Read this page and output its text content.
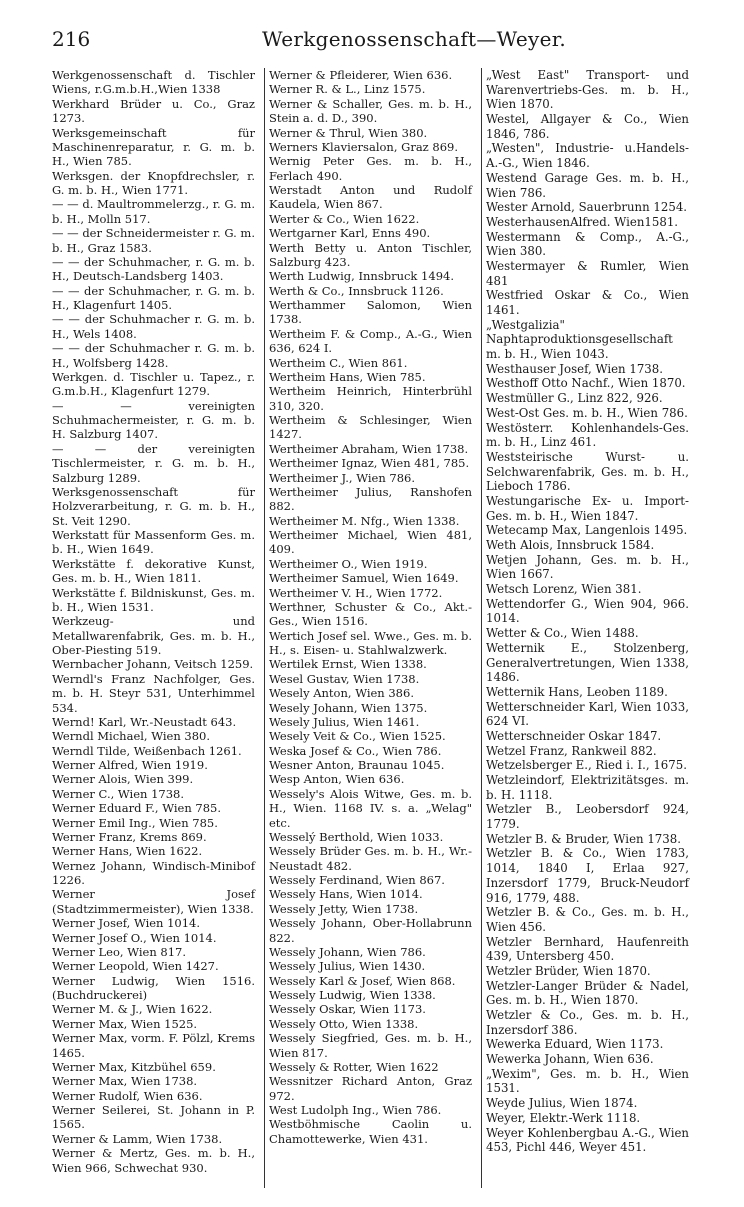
216	Werkgenossenschaft—Weyer.

Werkgenossenschaft d. Tischler Wiens, r.G.m.b.H.,Wien 1338

Werkhard Brüder u. Co., Graz 1273.

Werksgemeinschaft für Maschinenreparatur, r. G. m. b. H., Wien 785.

Werksgen. der Knopfdrechsler, r. G. m. b. H., Wien 1771.

— — d. Maultrommelerzg., r. G. m. b. H., Molln 517.

— — der Schneidermeister r. G. m. b. H., Graz 1583.

— — der Schuhmacher, r. G. m. b. H., Deutsch-Landsberg 1403.

— — der Schuhmacher, r. G. m. b. H., Klagenfurt 1405.

— — der Schuhmacher r. G. m. b. H., Wels 1408.

— — der Schuhmacher r. G. m. b. H., Wolfsberg 1428.

Werkgen. d. Tischler u. Tapez., r. G.m.b.H., Klagenfurt 1279.

— — vereinigten Schuhmachermeister, r. G. m. b. H. Salzburg 1407.

— — der vereinigten Tischlermeister, r. G. m. b. H., Salzburg 1289.

Werksgenossenschaft für Holzverarbeitung, r. G. m. b. H., St. Veit 1290.

Werkstatt für Massenform Ges. m. b. H., Wien 1649.

Werkstätte f. dekorative Kunst, Ges. m. b. H., Wien 1811.

Werkstätte f. Bildniskunst, Ges. m. b. H., Wien 1531.

Werkzeug- und Metallwarenfabrik, Ges. m. b. H., Ober-Piesting 519.

Wernbacher Johann, Veitsch 1259.

Werndl's Franz Nachfolger, Ges. m. b. H. Steyr 531, Unterhimmel 534.

Wernd! Karl, Wr.-Neustadt 643.

Werndl Michael, Wien 380.

Werndl Tilde, Weißenbach 1261.

Werner Alfred, Wien 1919.

Werner Alois, Wien 399.

Werner C., Wien 1738.

Werner Eduard F., Wien 785.

Werner Emil Ing., Wien 785.

Werner Franz, Krems 869.

Werner Hans, Wien 1622.

Wernez Johann, Windisch-Minibof 1226.

Werner Josef (Stadtzimmermeister), Wien 1338.

Werner Josef, Wien 1014.

Werner Josef O., Wien 1014.

Werner Leo, Wien 817.

Werner Leopold, Wien 1427.

Werner Ludwig, Wien 1516. (Buchdruckerei)

Werner M. & J., Wien 1622.

Werner Max, Wien 1525.

Werner Max, vorm. F. Pölzl, Krems 1465.

Werner Max, Kitzbühel 659.

Werner Max, Wien 1738.

Werner Rudolf, Wien 636.

Werner Seilerei, St. Johann in P. 1565.

Werner & Lamm, Wien 1738.

Werner & Mertz, Ges. m. b. H., Wien 966, Schwechat 930.

Werner & Pfleiderer, Wien 636.

Werner R. & L., Linz 1575.

Werner & Schaller, Ges. m. b. H., Stein a. d. D., 390.

Werner & Thrul, Wien 380.

Werners Klaviersalon, Graz 869.

Wernig Peter Ges. m. b. H., Ferlach 490.

Werstadt Anton und Rudolf Kaudela, Wien 867.

Werter & Co., Wien 1622.

Wertgarner Karl, Enns 490.

Werth Betty u. Anton Tischler, Salzburg 423.

Werth Ludwig, Innsbruck 1494.

Werth & Co., Innsbruck 1126.

Werthammer Salomon, Wien 1738.

Wertheim F. & Comp., A.-G., Wien 636, 624 I.

Wertheim C., Wien 861.

Wertheim Hans, Wien 785.

Wertheim Heinrich, Hinterbrühl 310, 320.

Wertheim & Schlesinger, Wien 1427.

Wertheimer Abraham, Wien 1738.

Wertheimer Ignaz, Wien 481, 785.

Wertheimer J., Wien 786.

Wertheimer Julius, Ranshofen 882.

Wertheimer M. Nfg., Wien 1338.

Wertheimer Michael, Wien 481, 409.

Wertheimer O., Wien 1919.

Wertheimer Samuel, Wien 1649.

Wertheimer V. H., Wien 1772.

Werthner, Schuster & Co., Akt.-Ges., Wien 1516.

Wertich Josef sel. Wwe., Ges. m. b. H., s. Eisen- u. Stahlwalzwerk.

Wertilek Ernst, Wien 1338.

Wesel Gustav, Wien 1738.

Wesely Anton, Wien 386.

Wesely Johann, Wien 1375.

Wesely Julius, Wien 1461.

Wesely Veit & Co., Wien 1525.

Weska Josef & Co., Wien 786.

Wesner Anton, Braunau 1045.

Wesp Anton, Wien 636.

Wessely's Alois Witwe, Ges. m. b. H., Wien. 1168 IV. s. a. „Welag" etc.

Wesselý Berthold, Wien 1033.

Wessely Brüder Ges. m. b. H., Wr.-Neustadt 482.

Wessely Ferdinand, Wien 867.

Wessely Hans, Wien 1014.

Wessely Jetty, Wien 1738.

Wessely Johann, Ober-Hollabrunn 822.

Wessely Johann, Wien 786.

Wessely Julius, Wien 1430.

Wessely Karl & Josef, Wien 868.

Wessely Ludwig, Wien 1338.

Wessely Oskar, Wien 1173.

Wessely Otto, Wien 1338.

Wessely Siegfried, Ges. m. b. H., Wien 817.

Wessely & Rotter, Wien 1622

Wessnitzer Richard Anton, Graz 972.

West Ludolph Ing., Wien 786.

Westböhmische Caolin u. Chamottewerke, Wien 431.

„West East" Transport- und Warenvertriebs-Ges. m. b. H., Wien 1870.

Westel, Allgayer & Co., Wien 1846, 786.

„Westen", Industrie- u.Handels-A.-G., Wien 1846.

Westend Garage Ges. m. b. H., Wien 786.

Wester Arnold, Sauerbrunn 1254.

WesterhausenAlfred. Wien1581.

Westermann & Comp., A.-G., Wien 380.

Westermayer & Rumler, Wien 481

Westfried Oskar & Co., Wien 1461.

„Westgalizia" Naphtaproduktionsgesellschaft m. b. H., Wien 1043.

Westhauser Josef, Wien 1738.

Westhoff Otto Nachf., Wien 1870.

Westmüller G., Linz 822, 926.

West-Ost Ges. m. b. H., Wien 786.

Westösterr. Kohlenhandels-Ges. m. b. H., Linz 461.

Weststeirische Wurst- u. Selchwarenfabrik, Ges. m. b. H., Lieboch 1786.

Westungarische Ex- u. Import-Ges. m. b. H., Wien 1847.

Wetecamp Max, Langenlois 1495.

Weth Alois, Innsbruck 1584.

Wetjen Johann, Ges. m. b. H., Wien 1667.

Wetsch Lorenz, Wien 381.

Wettendorfer G., Wien 904, 966. 1014.

Wetter & Co., Wien 1488.

Wetternik E., Stolzenberg, Generalvertretungen, Wien 1338, 1486.

Wetternik Hans, Leoben 1189.

Wetterschneider Karl, Wien 1033, 624 VI.

Wetterschneider Oskar 1847.

Wetzel Franz, Rankweil 882.

Wetzelsberger E., Ried i. I., 1675.

Wetzleindorf, Elektrizitätsges. m. b. H. 1118.

Wetzler B., Leobersdorf 924, 1779.

Wetzler B. & Bruder, Wien 1738.

Wetzler B. & Co., Wien 1783, 1014, 1840 I, Erlaa 927, Inzersdorf 1779, Bruck-Neudorf 916, 1779, 488.

Wetzler B. & Co., Ges. m. b. H., Wien 456.

Wetzler Bernhard, Haufenreith 439, Untersberg 450.

Wetzler Brüder, Wien 1870.

Wetzler-Langer Brüder & Nadel, Ges. m. b. H., Wien 1870.

Wetzler & Co., Ges. m. b. H., Inzersdorf 386.

Wewerka Eduard, Wien 1173.

Wewerka Johann, Wien 636.

„Wexim", Ges. m. b. H., Wien 1531.

Weyde Julius, Wien 1874.

Weyer, Elektr.-Werk 1118.

Weyer Kohlenbergbau A.-G., Wien 453, Pichl 446, Weyer 451.
